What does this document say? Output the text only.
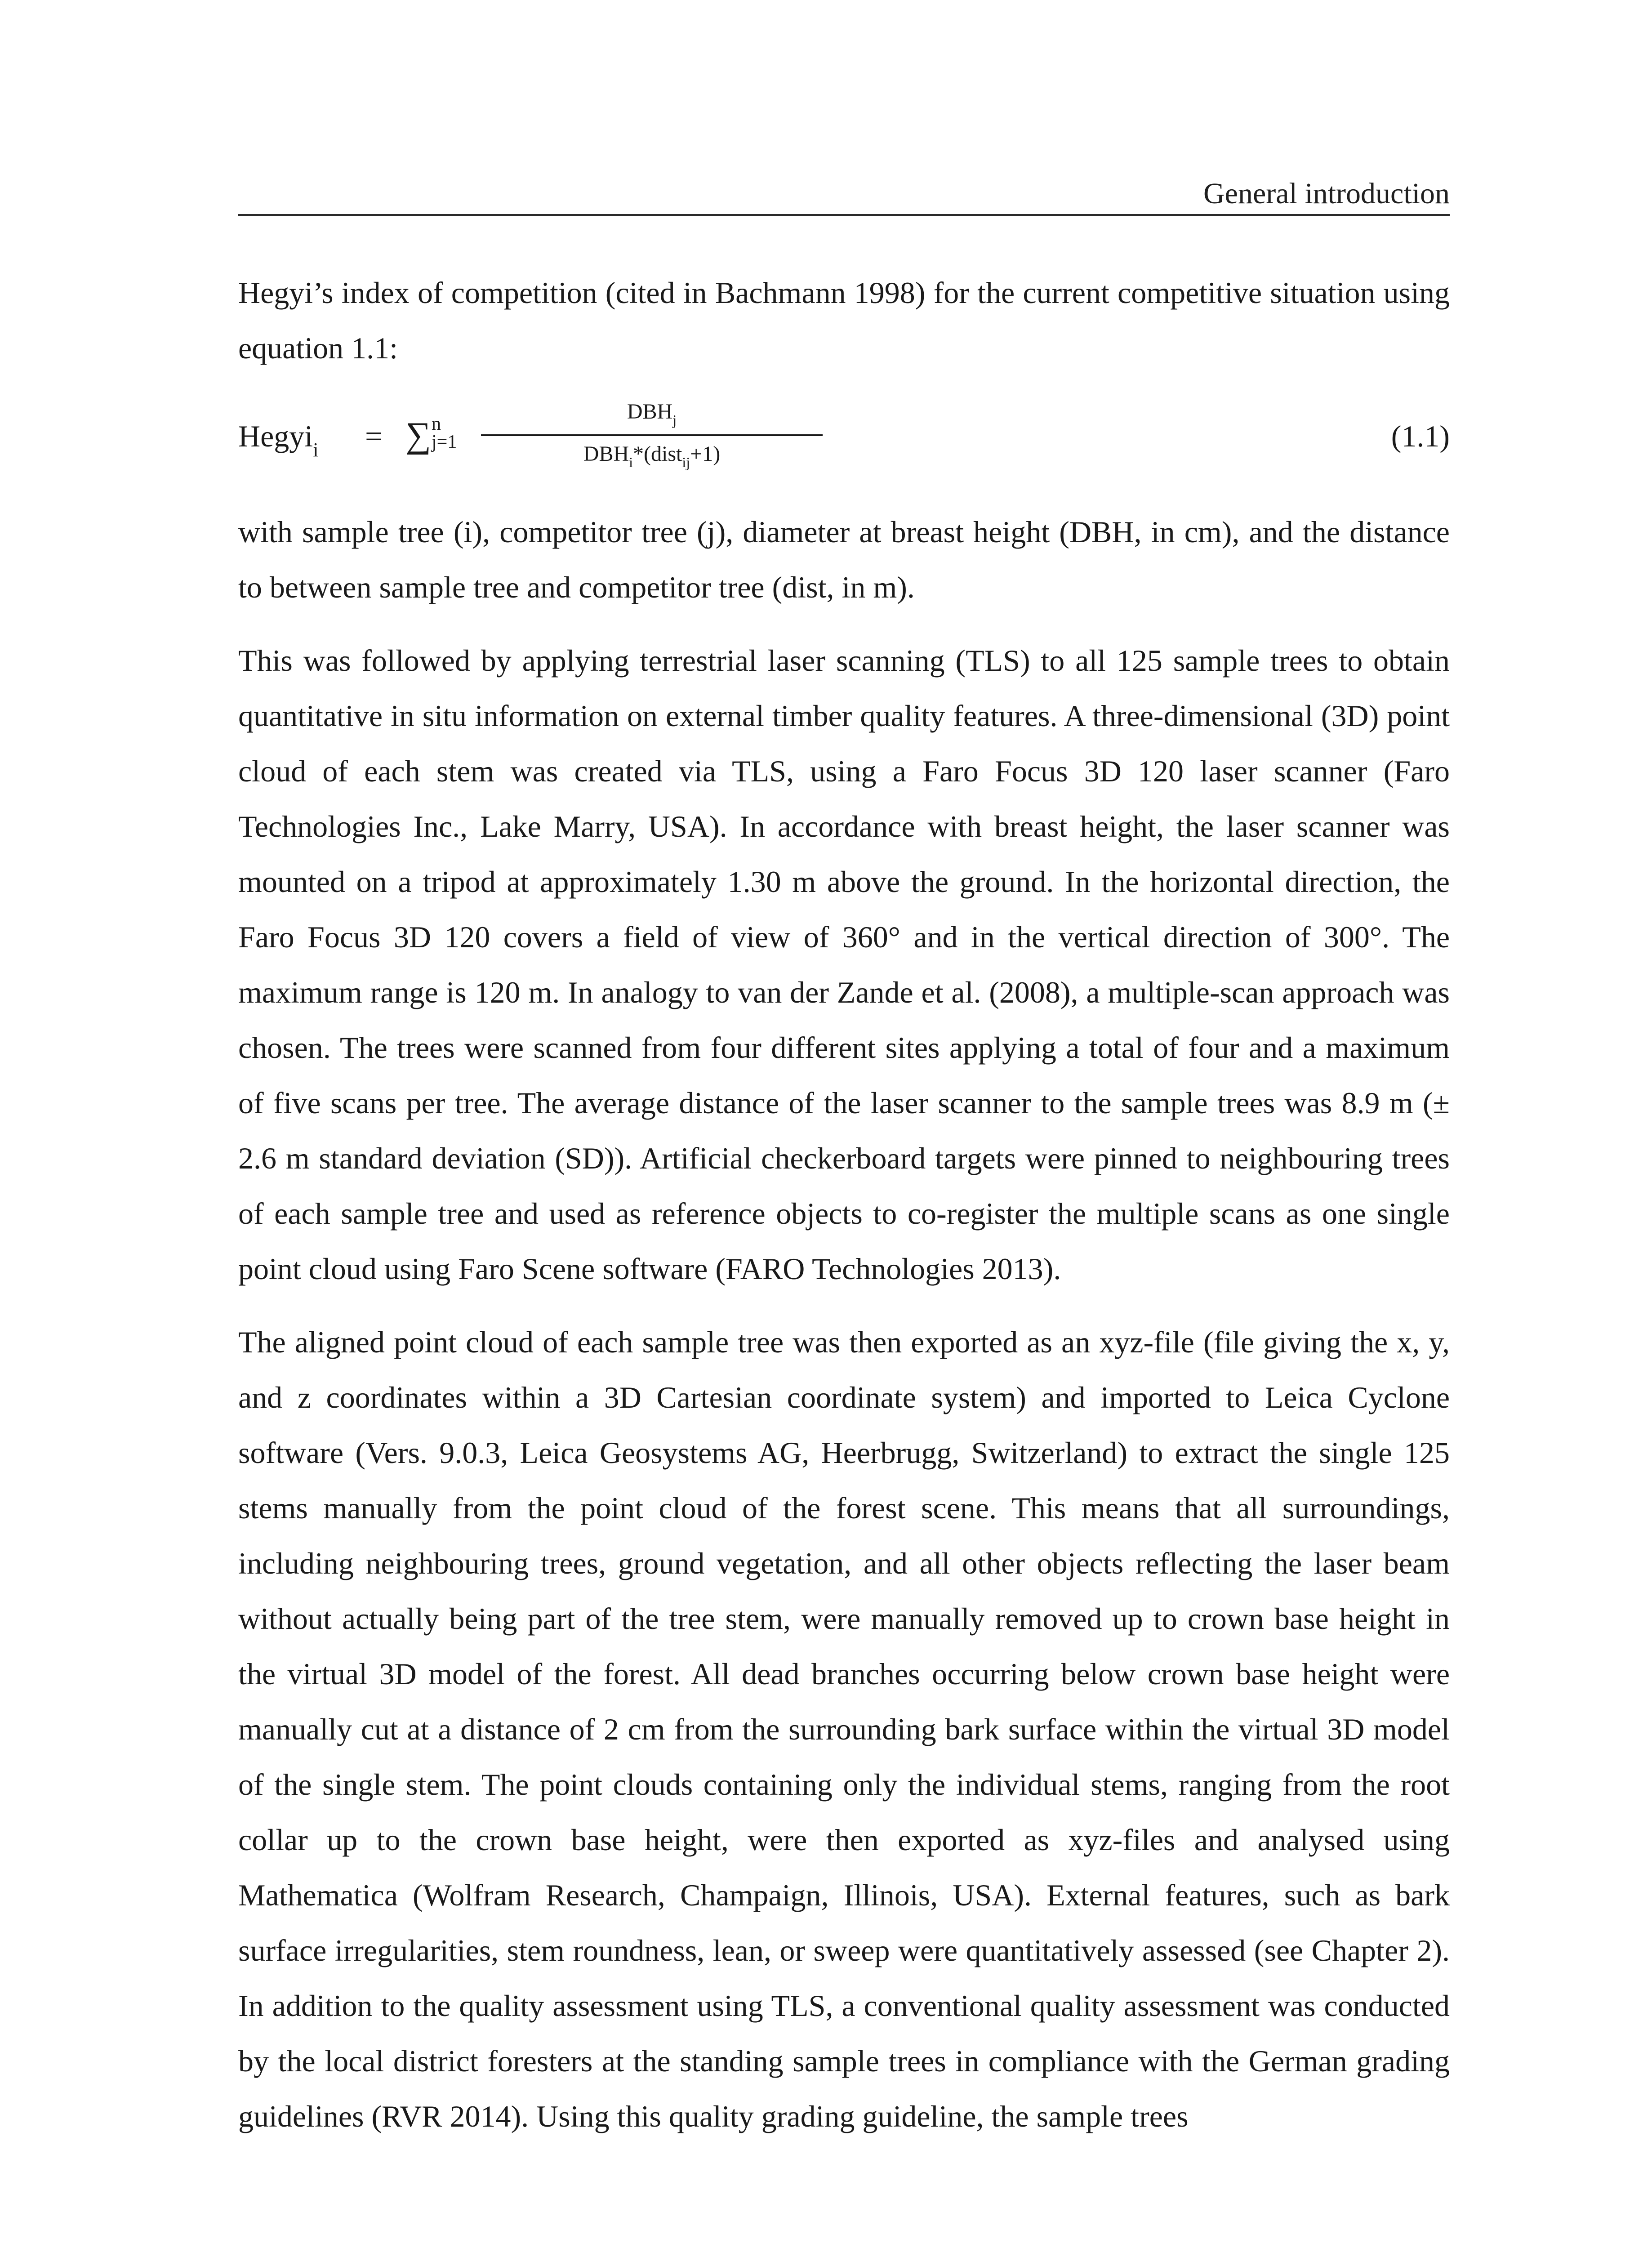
General introduction

Hegyi’s index of competition (cited in Bachmann 1998) for the current competitive situation using equation 1.1:

Hegyi$_i$ = ∑ n
j=1
$DBH_j$
$DBH_i*(dist_{ij}+1)$
(1.1)

with sample tree (i), competitor tree (j), diameter at breast height (DBH, in cm), and the distance to between sample tree and competitor tree (dist, in m).

This was followed by applying terrestrial laser scanning (TLS) to all 125 sample trees to obtain quantitative in situ information on external timber quality features. A three-dimensional (3D) point cloud of each stem was created via TLS, using a Faro Focus 3D 120 laser scanner (Faro Technologies Inc., Lake Marry, USA). In accordance with breast height, the laser scanner was mounted on a tripod at approximately 1.30 m above the ground. In the horizontal direction, the Faro Focus 3D 120 covers a field of view of 360° and in the vertical direction of 300°. The maximum range is 120 m. In analogy to van der Zande et al. (2008), a multiple-scan approach was chosen. The trees were scanned from four different sites applying a total of four and a maximum of five scans per tree. The average distance of the laser scanner to the sample trees was 8.9 m (± 2.6 m standard deviation (SD)). Artificial checkerboard targets were pinned to neighbouring trees of each sample tree and used as reference objects to co-register the multiple scans as one single point cloud using Faro Scene software (FARO Technologies 2013).

The aligned point cloud of each sample tree was then exported as an xyz-file (file giving the x, y, and z coordinates within a 3D Cartesian coordinate system) and imported to Leica Cyclone software (Vers. 9.0.3, Leica Geosystems AG, Heerbrugg, Switzerland) to extract the single 125 stems manually from the point cloud of the forest scene. This means that all surroundings, including neighbouring trees, ground vegetation, and all other objects reflecting the laser beam without actually being part of the tree stem, were manually removed up to crown base height in the virtual 3D model of the forest. All dead branches occurring below crown base height were manually cut at a distance of 2 cm from the surrounding bark surface within the virtual 3D model of the single stem. The point clouds containing only the individual stems, ranging from the root collar up to the crown base height, were then exported as xyz-files and analysed using Mathematica (Wolfram Research, Champaign, Illinois, USA). External features, such as bark surface irregularities, stem roundness, lean, or sweep were quantitatively assessed (see Chapter 2). In addition to the quality assessment using TLS, a conventional quality assessment was conducted by the local district foresters at the standing sample trees in compliance with the German grading guidelines (RVR 2014). Using this quality grading guideline, the sample trees
